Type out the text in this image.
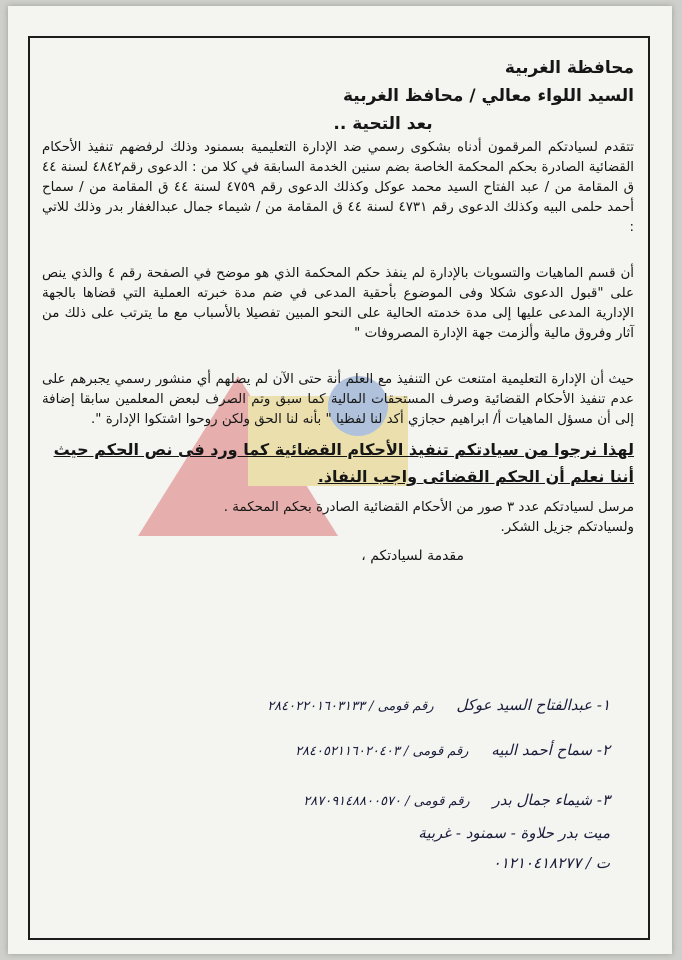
محافظة الغربية
السيد اللواء معالي / محافظ الغربية
بعد التحية ..

تتقدم لسيادتكم المرقمون أدناه بشكوى رسمي ضد الإدارة التعليمية بسمنود وذلك لرفضهم تنفيذ الأحكام القضائية الصادرة بحكم المحكمة الخاصة بضم سنين الخدمة السابقة في كلا من : الدعوى رقم٤٨٤٢ لسنة ٤٤ ق المقامة من / عبد الفتاح السيد محمد عوكل وكذلك الدعوى رقم ٤٧٥٩ لسنة ٤٤ ق المقامة من / سماح أحمد حلمى البيه وكذلك الدعوى رقم ٤٧٣١ لسنة ٤٤ ق المقامة من / شيماء جمال عبدالغفار بدر وذلك للاتي :

أن قسم الماهيات والتسويات بالإدارة لم ينفذ حكم المحكمة الذي هو موضح في الصفحة رقم ٤ والذي ينص على "قبول الدعوى شكلا وفى الموضوع بأحقية المدعى في ضم مدة خبرته العملية التي قضاها بالجهة الإدارية المدعى عليها إلى مدة خدمته الحالية على النحو المبين تفصيلا بالأسباب مع ما يترتب على ذلك من آثار وفروق مالية وألزمت جهة الإدارة المصروفات "

حيث أن الإدارة التعليمية امتنعت عن التنفيذ مع العلم أنة حتى الآن لم يصلهم أي منشور رسمي يجبرهم على عدم تنفيذ الأحكام القضائية وصرف المستحقات المالية كما سبق وتم الصرف لبعض المعلمين سابقا إضافة إلى أن مسؤل الماهيات أ/ ابراهيم حجازي أكد لنا لفظيا " بأنه لنا الحق ولكن روحوا اشتكوا الإدارة ".

لهذا نرجوا من سيادتكم تنفيذ الأحكام القضائية كما ورد فى نص الحكم حيث أننا نعلم أن الحكم القضائى واجب النفاذ.
مرسل لسيادتكم عدد ٣ صور من الأحكام القضائية الصادرة بحكم المحكمة .
ولسيادتكم جزيل الشكر.
مقدمة لسيادتكم ،
١- عبدالفتاح السيد عوكل رقم قومى / ٢٨٤٠٢٢٠١٦٠٣١٣٣
٢- سماح أحمد البيه رقم قومى / ٢٨٤٠٥٢١١٦٠٢٠٤٠٣
٣- شيماء جمال بدر رقم قومى / ٢٨٧٠٩١٤٨٨٠٠٥٧٠
ميت بدر حلاوة - سمنود - غربية
ت / ٠١٢١٠٤١٨٢٧٧
